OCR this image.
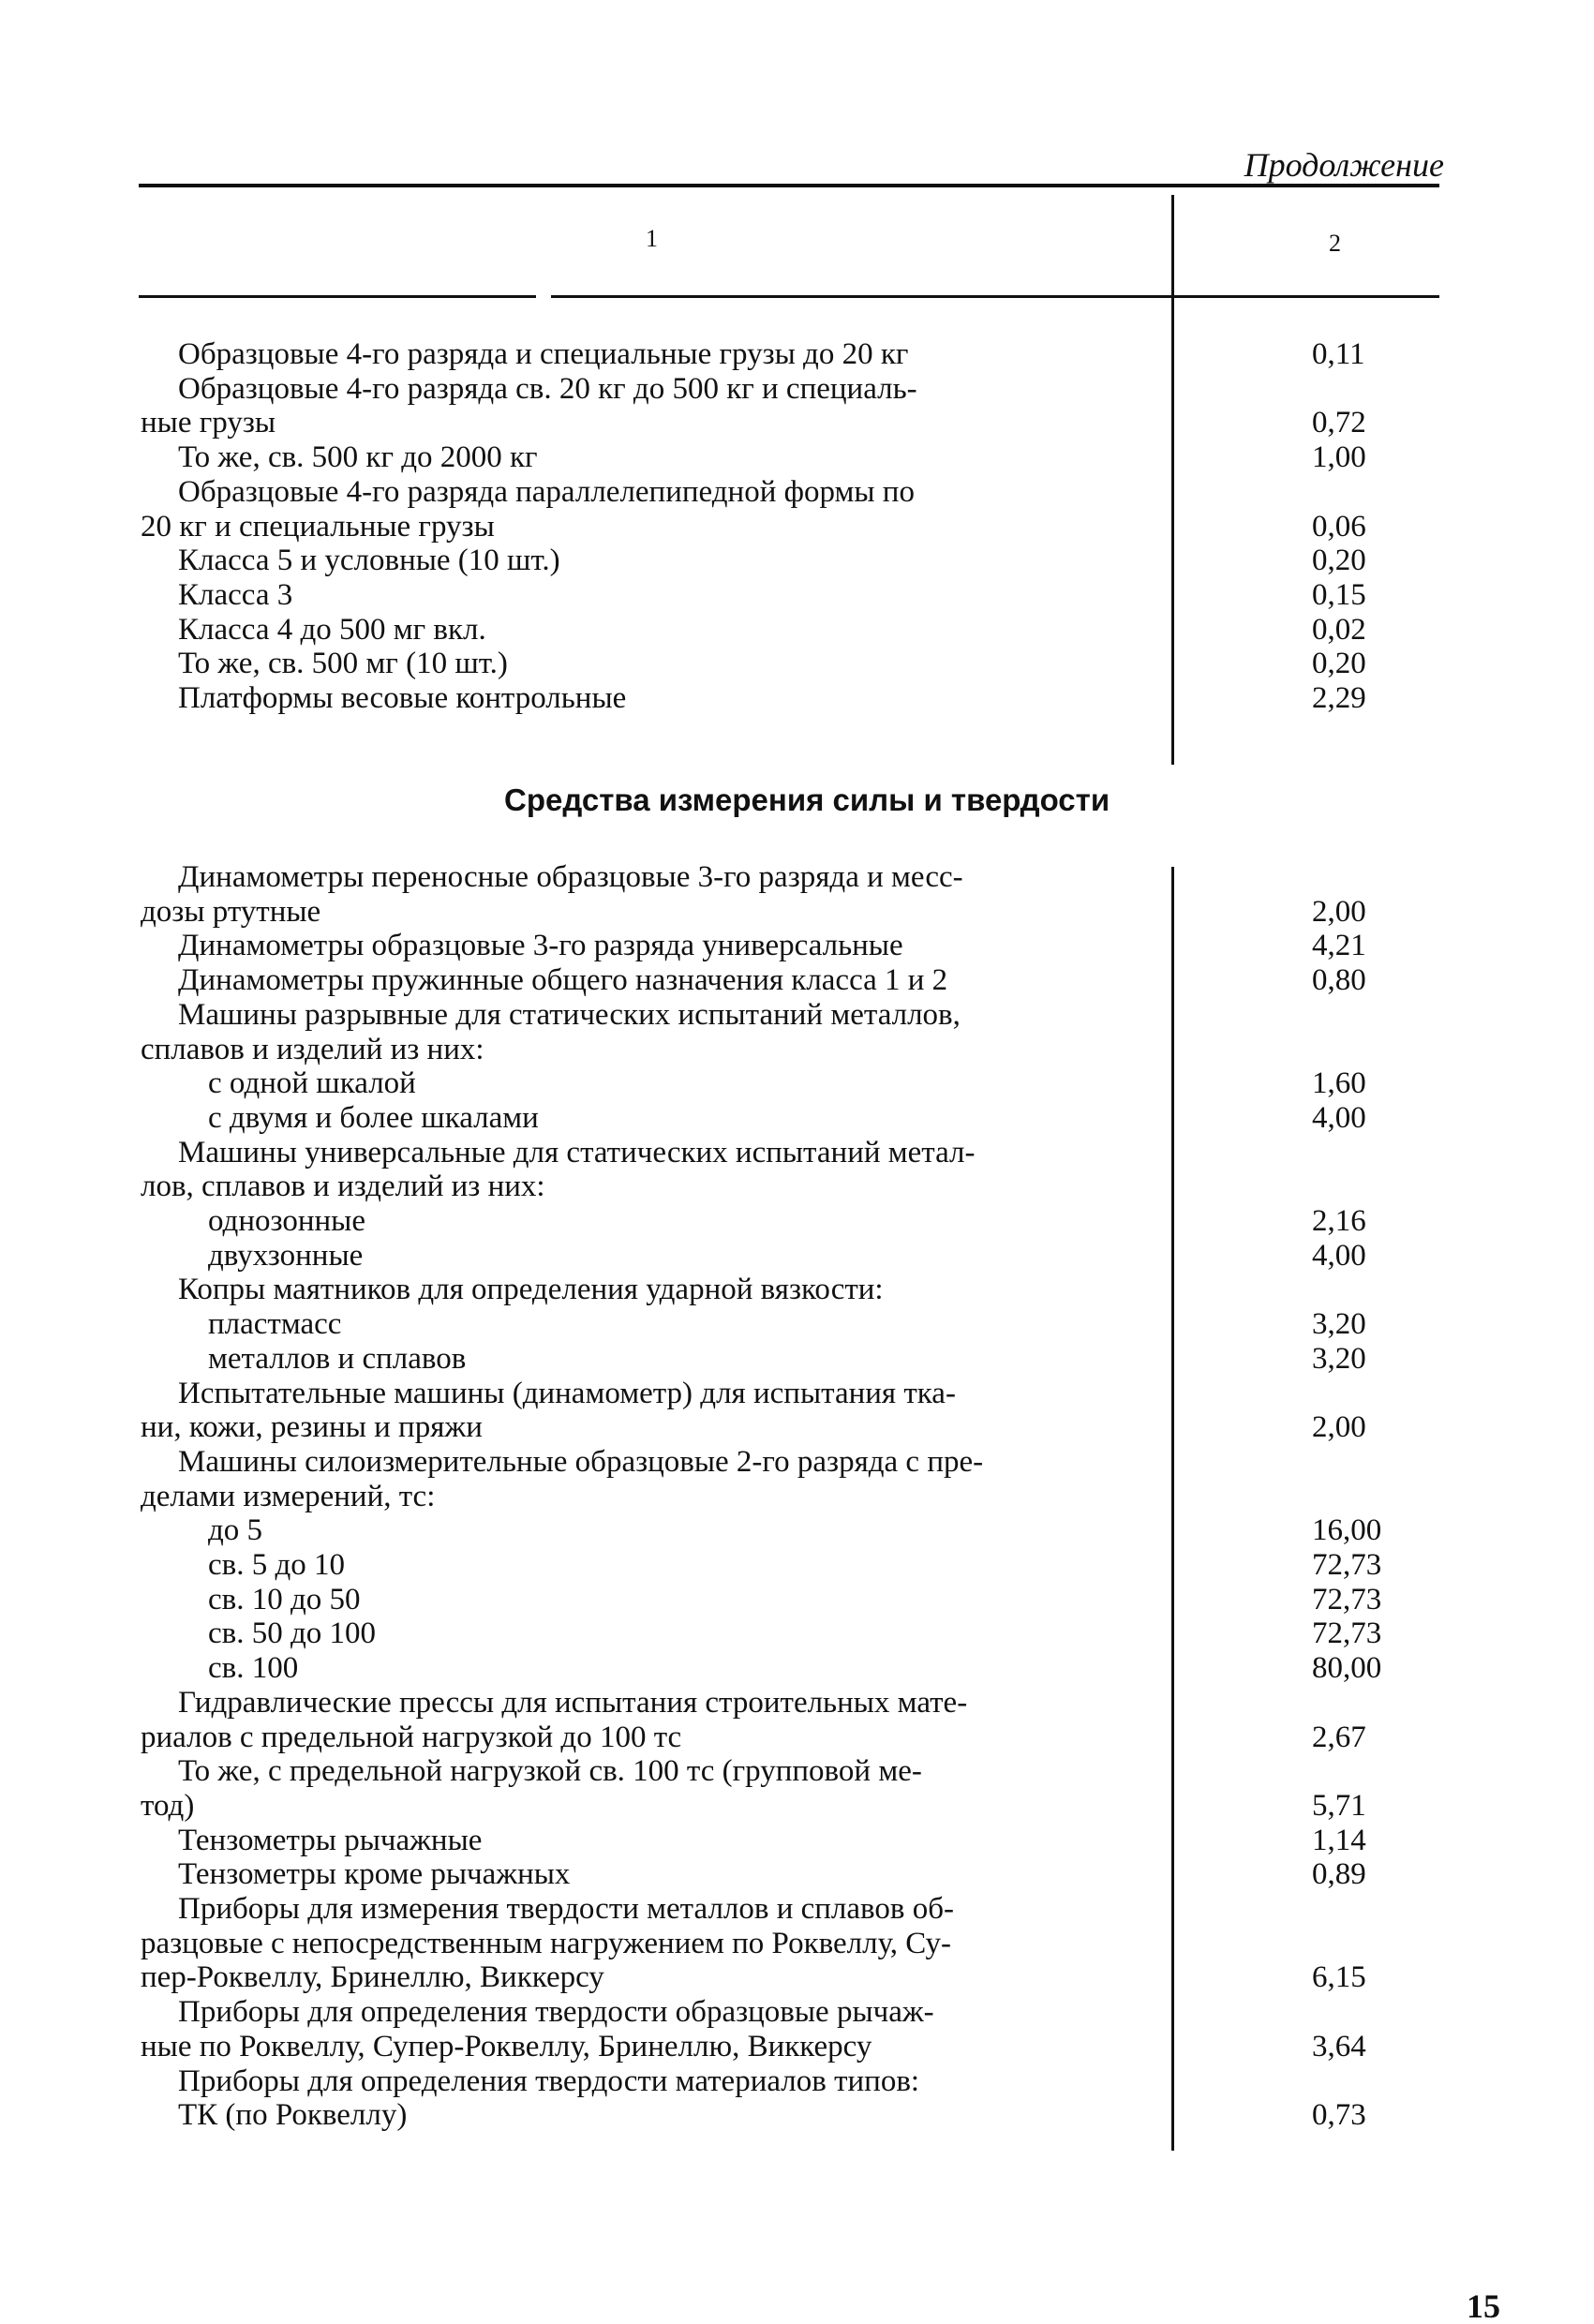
Продолжение
1	2
Средства измерения силы и твердости
Образцовые 4-го разряда и специальные грузы до 20 кг	0,11
Образцовые 4-го разряда св. 20 кг до 500 кг и специаль-
ные грузы	0,72
То же, св. 500 кг до 2000 кг	1,00
Образцовые 4-го разряда параллелепипедной формы по
20 кг и специальные грузы	0,06
Класса 5 и условные (10 шт.)	0,20
Класса 3	0,15
Класса 4 до 500 мг вкл.	0,02
То же, св. 500 мг (10 шт.)	0,20
Платформы весовые контрольные	2,29
Динамометры переносные образцовые 3-го разряда и месс-
дозы ртутные	2,00
Динамометры образцовые 3-го разряда универсальные	4,21
Динамометры пружинные общего назначения класса 1 и 2	0,80
Машины разрывные для статических испытаний металлов,
сплавов и изделий из них:
с одной шкалой	1,60
с двумя и более шкалами	4,00
Машины универсальные для статических испытаний метал-
лов, сплавов и изделий из них:
однозонные	2,16
двухзонные	4,00
Копры маятников для определения ударной вязкости:
пластмасс	3,20
металлов и сплавов	3,20
Испытательные машины (динамометр) для испытания тка-
ни, кожи, резины и пряжи	2,00
Машины силоизмерительные образцовые 2-го разряда с пре-
делами измерений, тс:
до 5	16,00
св. 5 до 10	72,73
св. 10 до 50	72,73
св. 50 до 100	72,73
св. 100	80,00
Гидравлические прессы для испытания строительных мате-
риалов с предельной нагрузкой до 100 тс	2,67
То же, с предельной нагрузкой св. 100 тс (групповой ме-
тод)	5,71
Тензометры рычажные	1,14
Тензометры кроме рычажных	0,89
Приборы для измерения твердости металлов и сплавов об-
разцовые с непосредственным нагружением по Роквеллу, Су-
пер-Роквеллу, Бринеллю, Виккерсу	6,15
Приборы для определения твердости образцовые рычаж-
ные по Роквеллу, Супер-Роквеллу, Бринеллю, Виккерсу	3,64
Приборы для определения твердости материалов типов:
ТК (по Роквеллу)	0,73
15
